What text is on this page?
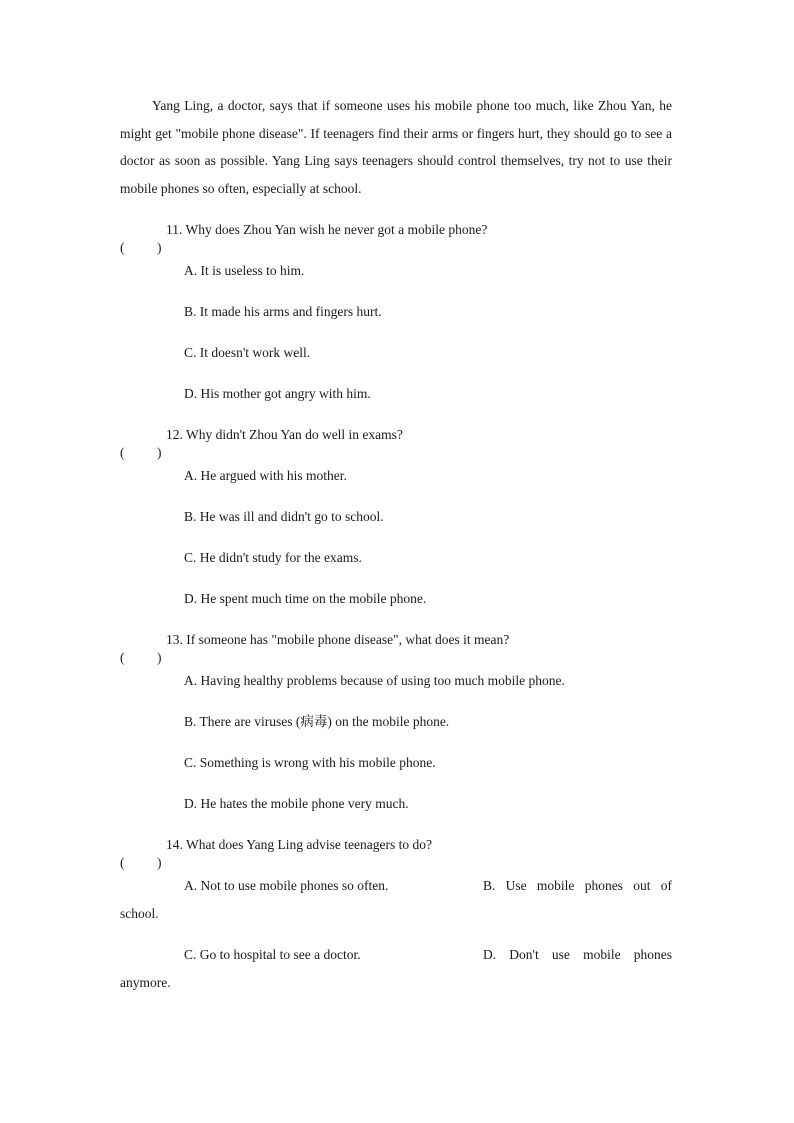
Yang Ling, a doctor, says that if someone uses his mobile phone too much, like Zhou Yan, he might get "mobile phone disease". If teenagers find their arms or fingers hurt, they should go to see a doctor as soon as possible. Yang Ling says teenagers should control themselves, try not to use their mobile phones so often, especially at school.

( )
11. Why does Zhou Yan wish he never got a mobile phone?
A. It is useless to him.
B. It made his arms and fingers hurt.
C. It doesn't work well.
D. His mother got angry with him.
( )
12. Why didn't Zhou Yan do well in exams?
A. He argued with his mother.
B. He was ill and didn't go to school.
C. He didn't study for the exams.
D. He spent much time on the mobile phone.
( )
13. If someone has "mobile phone disease", what does it mean?
A. Having healthy problems because of using too much mobile phone.
B. There are viruses (病毒) on the mobile phone.
C. Something is wrong with his mobile phone.
D. He hates the mobile phone very much.
( )
14. What does Yang Ling advise teenagers to do?
A. Not to use mobile phones so often.	B. Use mobile phones out of
school.
C. Go to hospital to see a doctor.	D. Don't use mobile phones
anymore.
